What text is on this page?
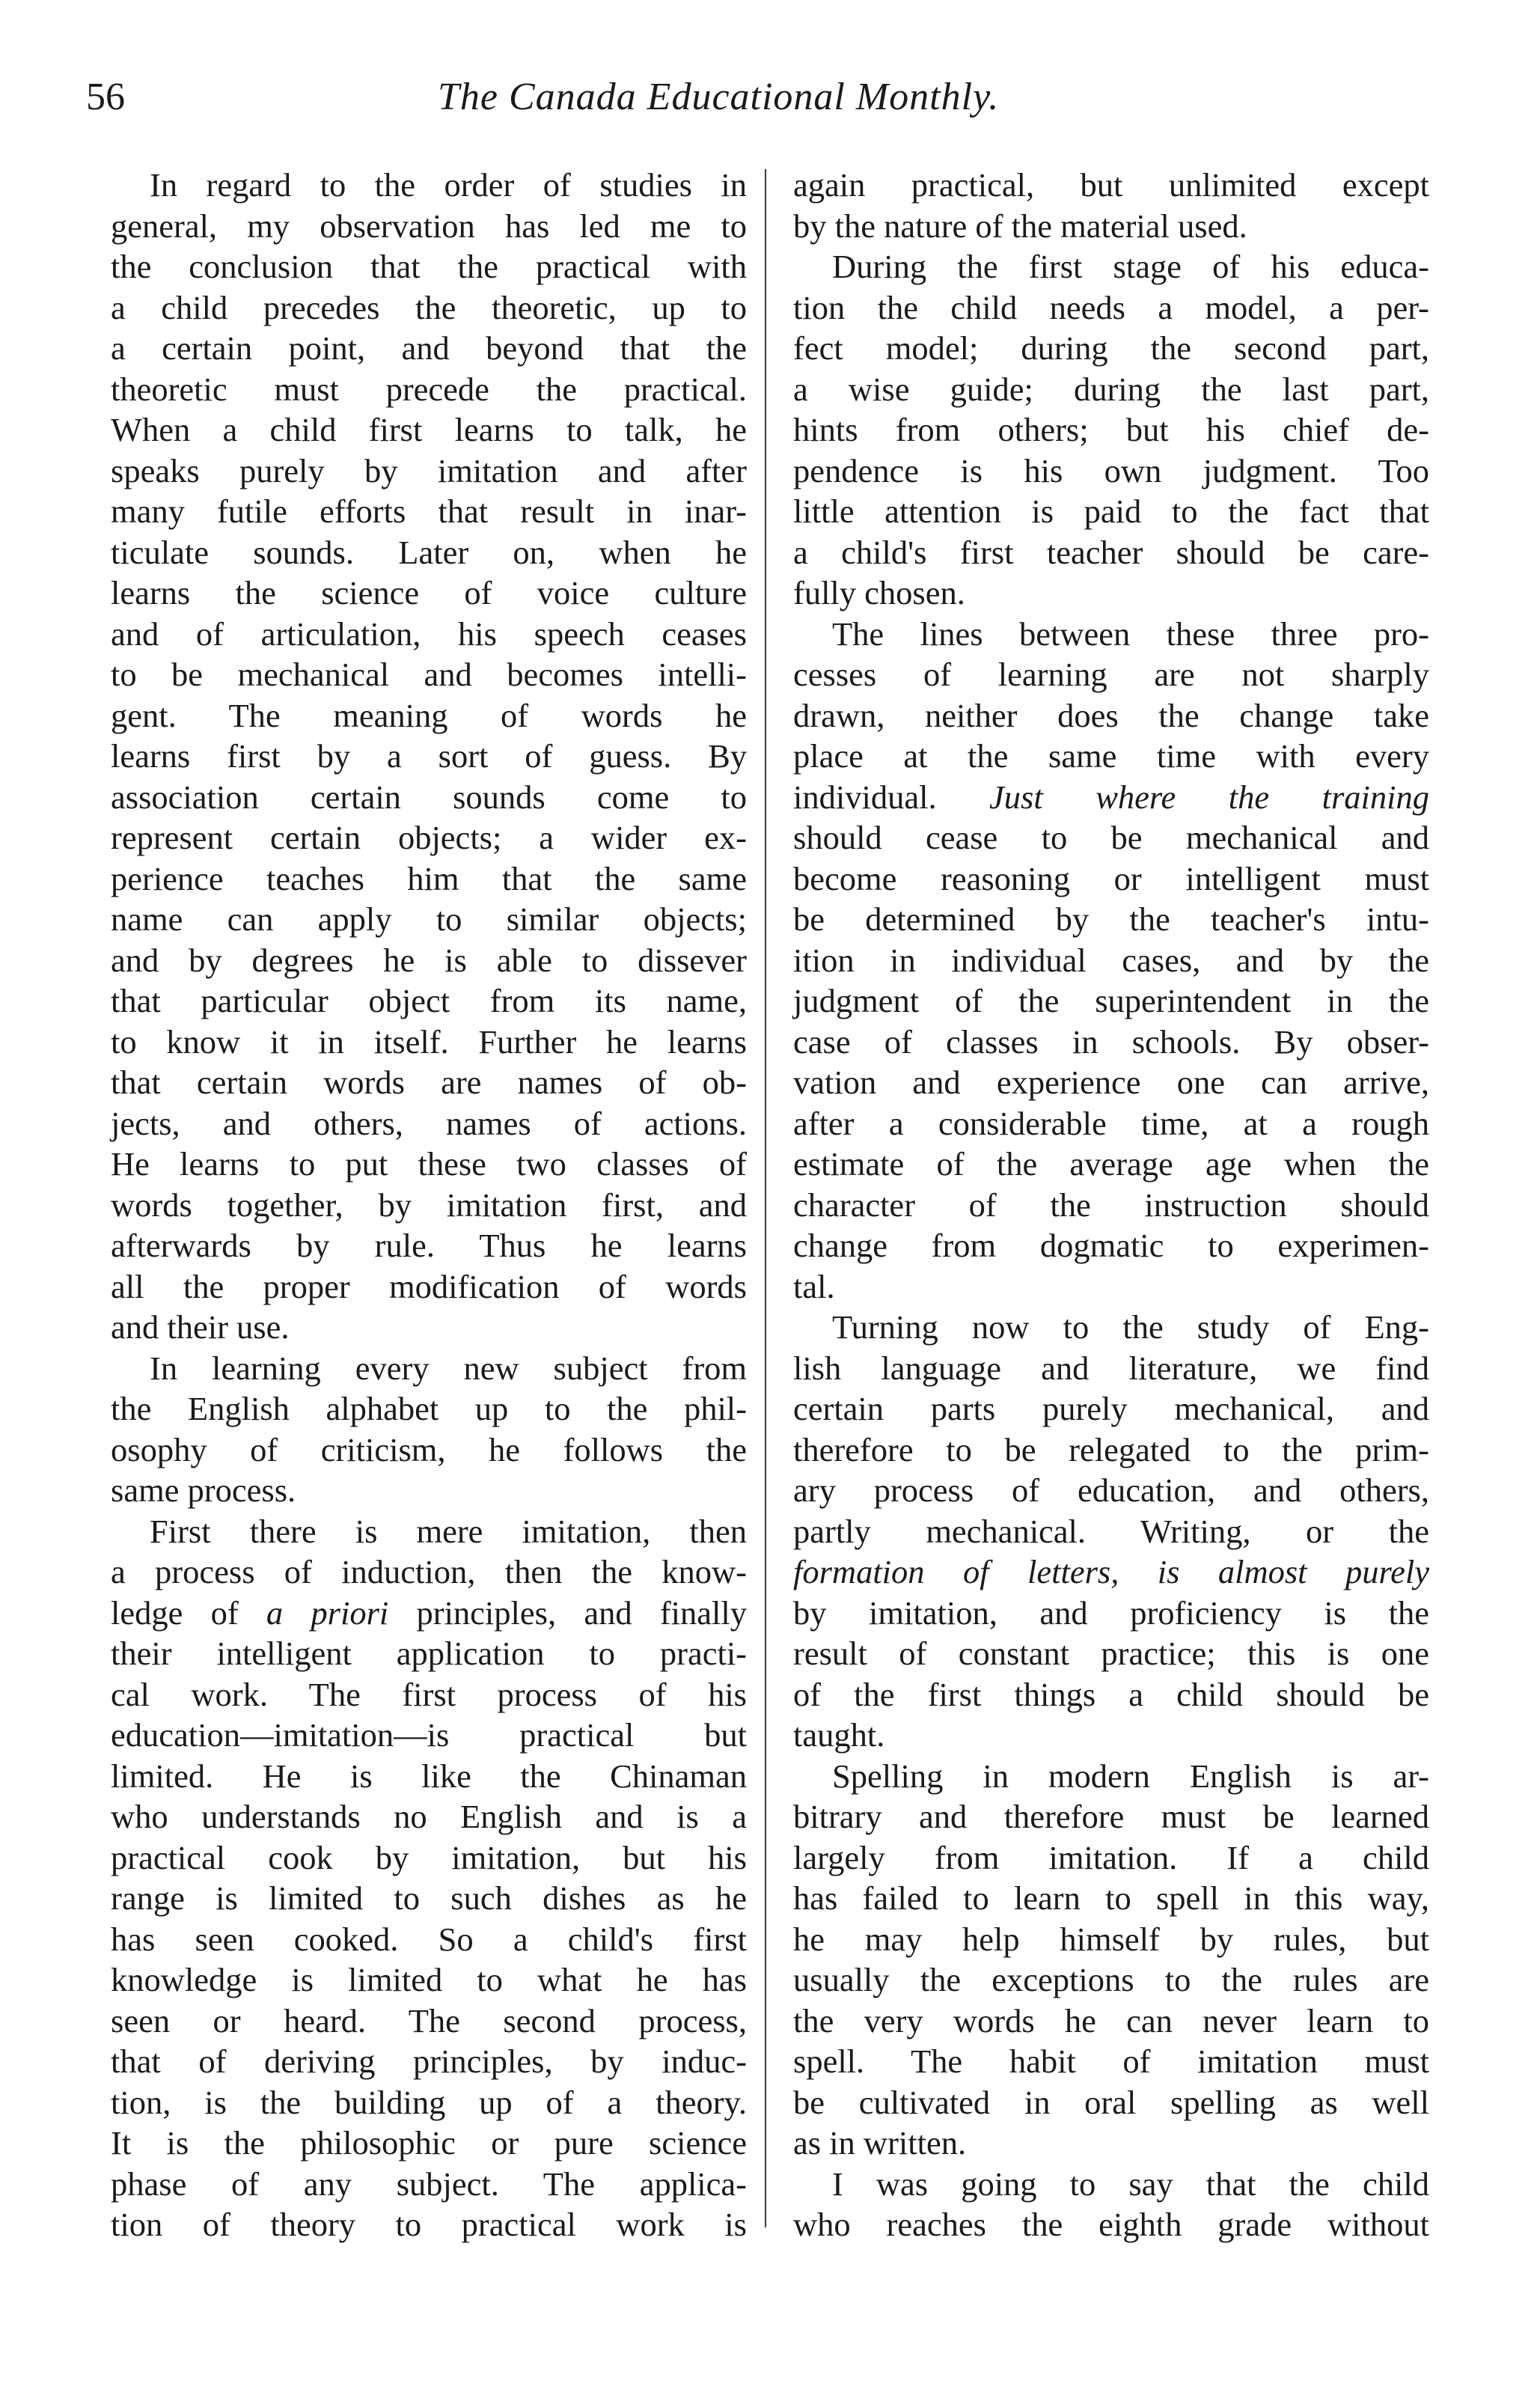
56	The Canada Educational Monthly.
In regard to the order of studies in
general, my observation has led me to
the conclusion that the practical with
a child precedes the theoretic, up to
a certain point, and beyond that the
theoretic must precede the practical.
When a child first learns to talk, he
speaks purely by imitation and after
many futile efforts that result in inar-
ticulate sounds. Later on, when he
learns the science of voice culture
and of articulation, his speech ceases
to be mechanical and becomes intelli-
gent. The meaning of words he
learns first by a sort of guess. By
association certain sounds come to
represent certain objects; a wider ex-
perience teaches him that the same
name can apply to similar objects;
and by degrees he is able to dissever
that particular object from its name,
to know it in itself. Further he learns
that certain words are names of ob-
jects, and others, names of actions.
He learns to put these two classes of
words together, by imitation first, and
afterwards by rule. Thus he learns
all the proper modification of words
and their use.
In learning every new subject from
the English alphabet up to the phil-
osophy of criticism, he follows the
same process.
First there is mere imitation, then
a process of induction, then the know-
ledge of a priori principles, and finally
their intelligent application to practi-
cal work. The first process of his
education—imitation—is practical but
limited. He is like the Chinaman
who understands no English and is a
practical cook by imitation, but his
range is limited to such dishes as he
has seen cooked. So a child's first
knowledge is limited to what he has
seen or heard. The second process,
that of deriving principles, by induc-
tion, is the building up of a theory.
It is the philosophic or pure science
phase of any subject. The applica-
tion of theory to practical work is
again practical, but unlimited except
by the nature of the material used.
During the first stage of his educa-
tion the child needs a model, a per-
fect model; during the second part,
a wise guide; during the last part,
hints from others; but his chief de-
pendence is his own judgment. Too
little attention is paid to the fact that
a child's first teacher should be care-
fully chosen.
The lines between these three pro-
cesses of learning are not sharply
drawn, neither does the change take
place at the same time with every
individual. Just where the training
should cease to be mechanical and
become reasoning or intelligent must
be determined by the teacher's intu-
ition in individual cases, and by the
judgment of the superintendent in the
case of classes in schools. By obser-
vation and experience one can arrive,
after a considerable time, at a rough
estimate of the average age when the
character of the instruction should
change from dogmatic to experimen-
tal.
Turning now to the study of Eng-
lish language and literature, we find
certain parts purely mechanical, and
therefore to be relegated to the prim-
ary process of education, and others,
partly mechanical. Writing, or the
formation of letters, is almost purely
by imitation, and proficiency is the
result of constant practice; this is one
of the first things a child should be
taught.
Spelling in modern English is ar-
bitrary and therefore must be learned
largely from imitation. If a child
has failed to learn to spell in this way,
he may help himself by rules, but
usually the exceptions to the rules are
the very words he can never learn to
spell. The habit of imitation must
be cultivated in oral spelling as well
as in written.
I was going to say that the child
who reaches the eighth grade without
